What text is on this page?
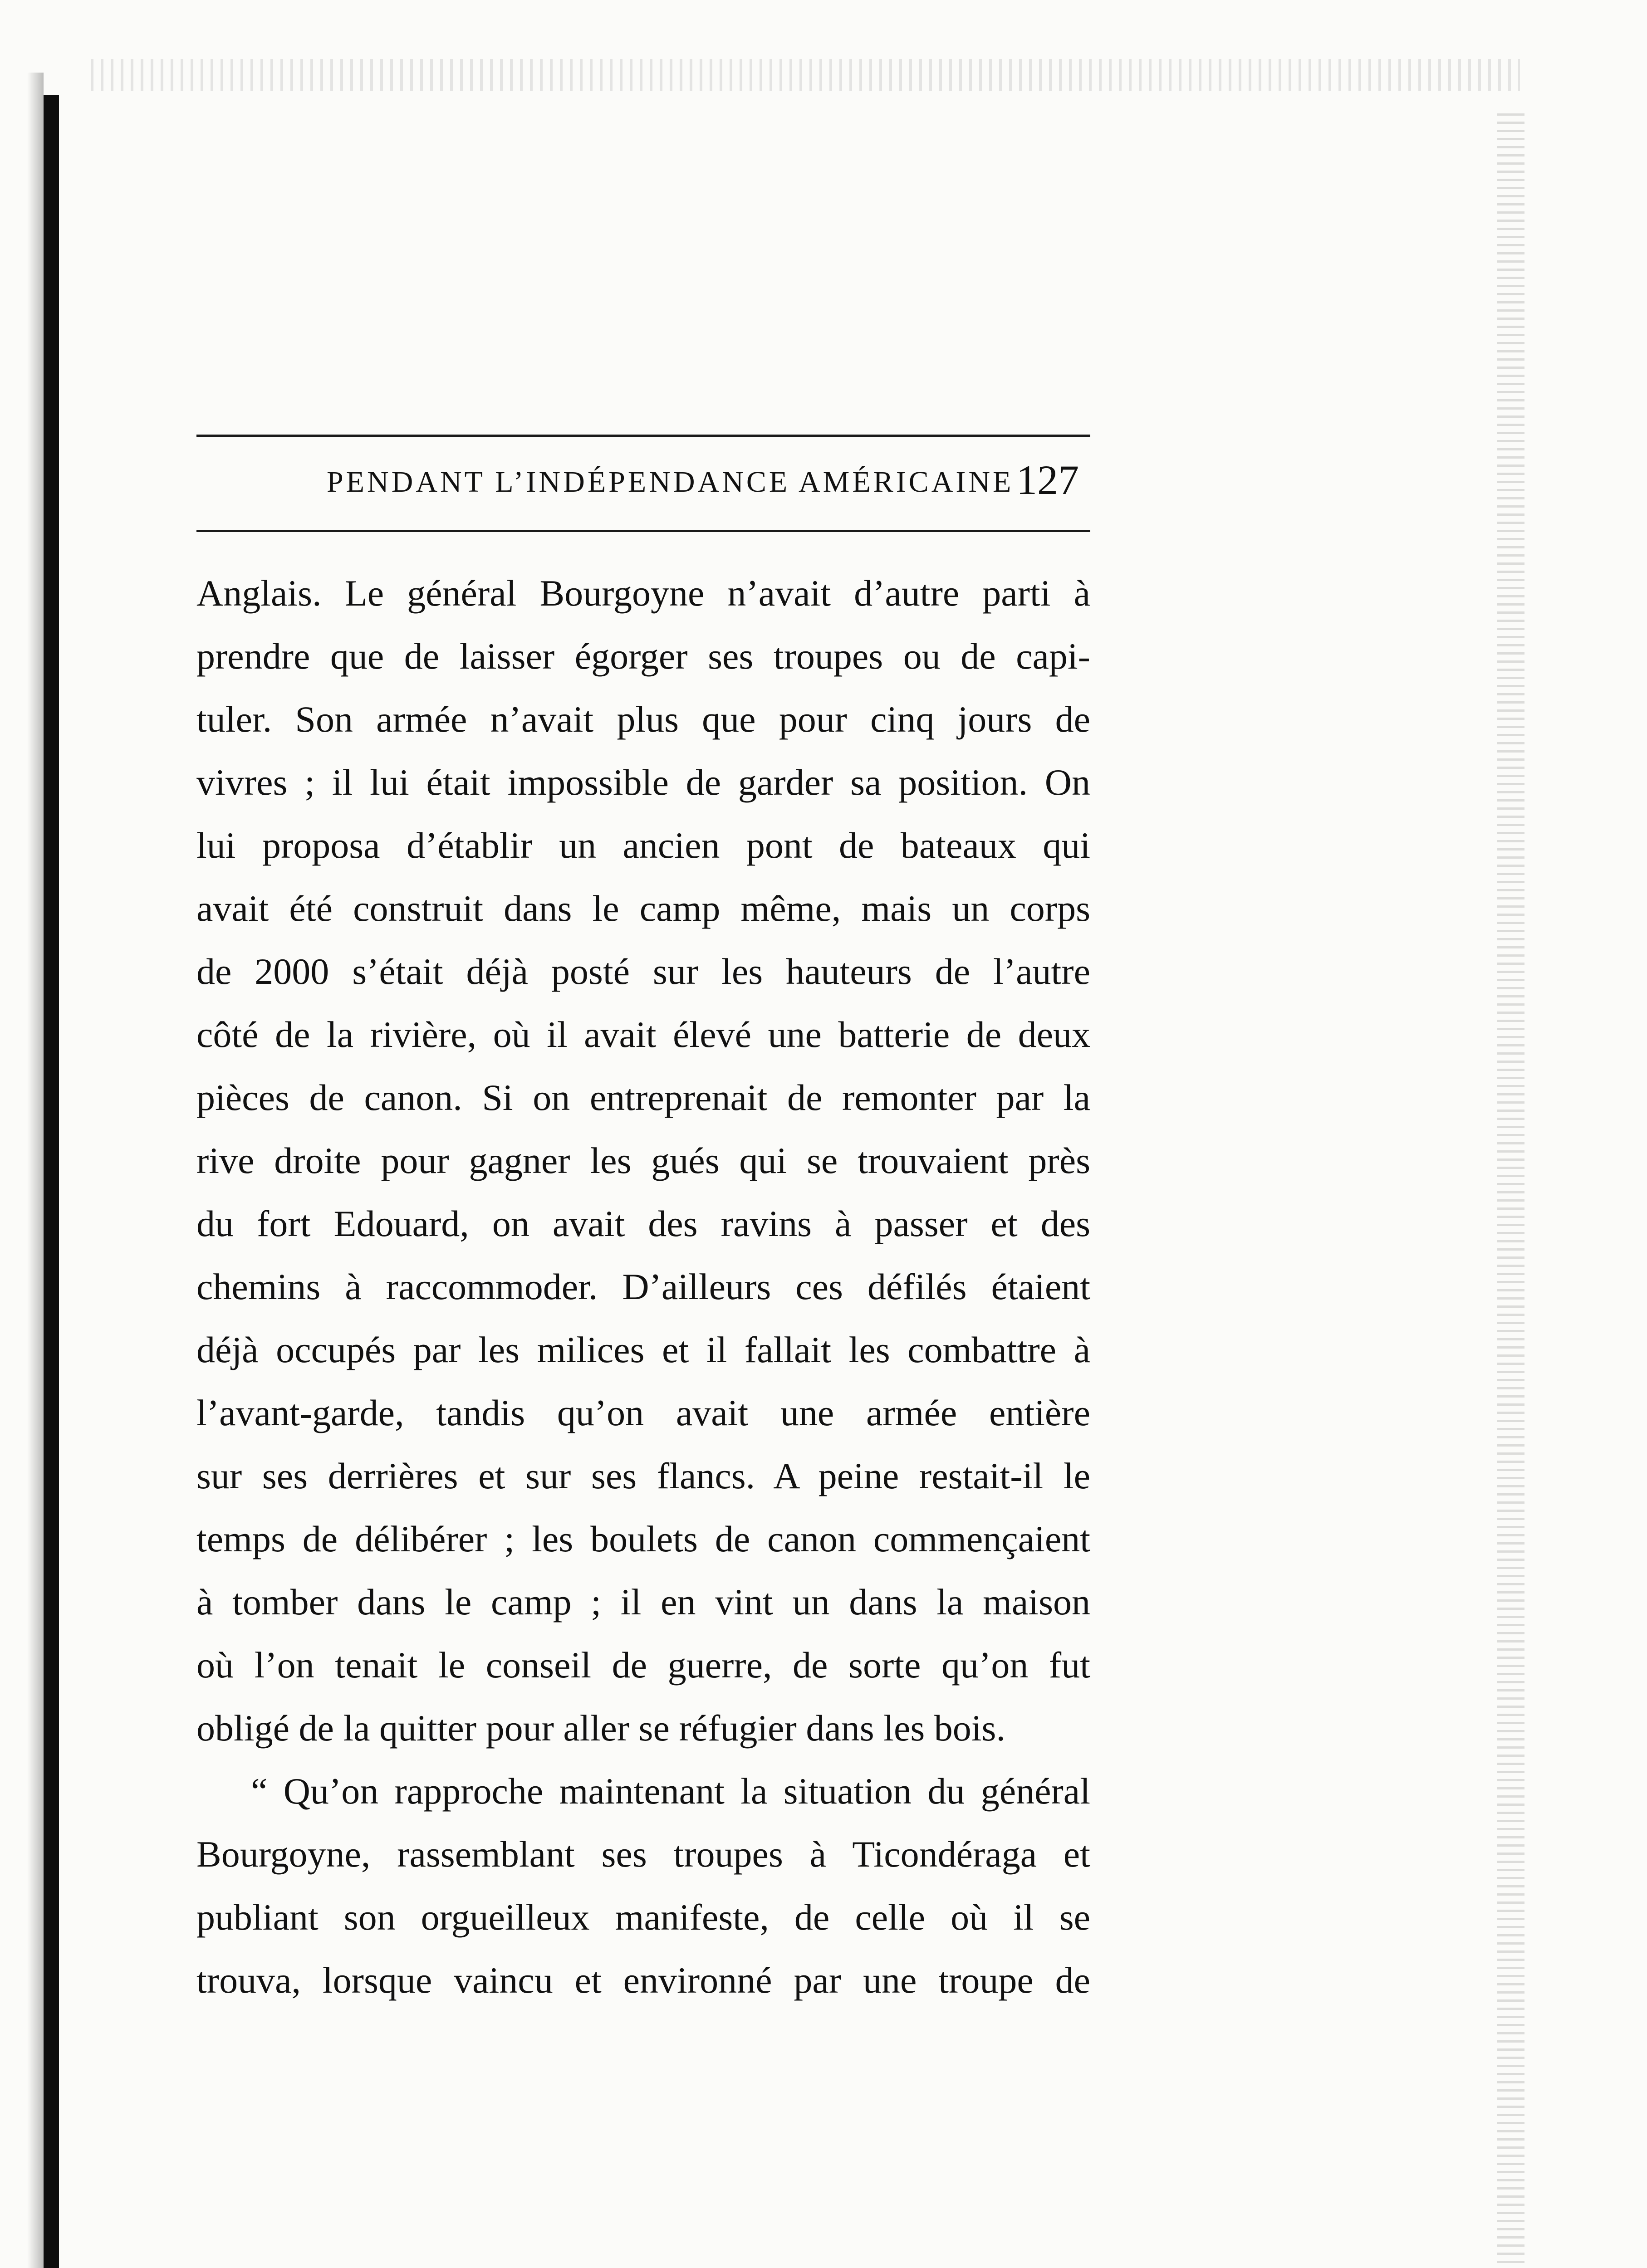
PENDANT L’INDÉPENDANCE AMÉRICAINE 127
Anglais. Le général Bourgoyne n’avait d’autre parti à
prendre que de laisser égorger ses troupes ou de capi-
tuler. Son armée n’avait plus que pour cinq jours de
vivres ; il lui était impossible de garder sa position. On
lui proposa d’établir un ancien pont de bateaux qui
avait été construit dans le camp même, mais un corps
de 2000 s’était déjà posté sur les hauteurs de l’autre
côté de la rivière, où il avait élevé une batterie de deux
pièces de canon. Si on entreprenait de remonter par la
rive droite pour gagner les gués qui se trouvaient près
du fort Edouard, on avait des ravins à passer et des
chemins à raccommoder. D’ailleurs ces défilés étaient
déjà occupés par les milices et il fallait les combattre à
l’avant-garde, tandis qu’on avait une armée entière
sur ses derrières et sur ses flancs. A peine restait-il le
temps de délibérer ; les boulets de canon commençaient
à tomber dans le camp ; il en vint un dans la maison
où l’on tenait le conseil de guerre, de sorte qu’on fut
obligé de la quitter pour aller se réfugier dans les bois.
“ Qu’on rapproche maintenant la situation du général
Bourgoyne, rassemblant ses troupes à Ticondéraga et
publiant son orgueilleux manifeste, de celle où il se
trouva, lorsque vaincu et environné par une troupe de
